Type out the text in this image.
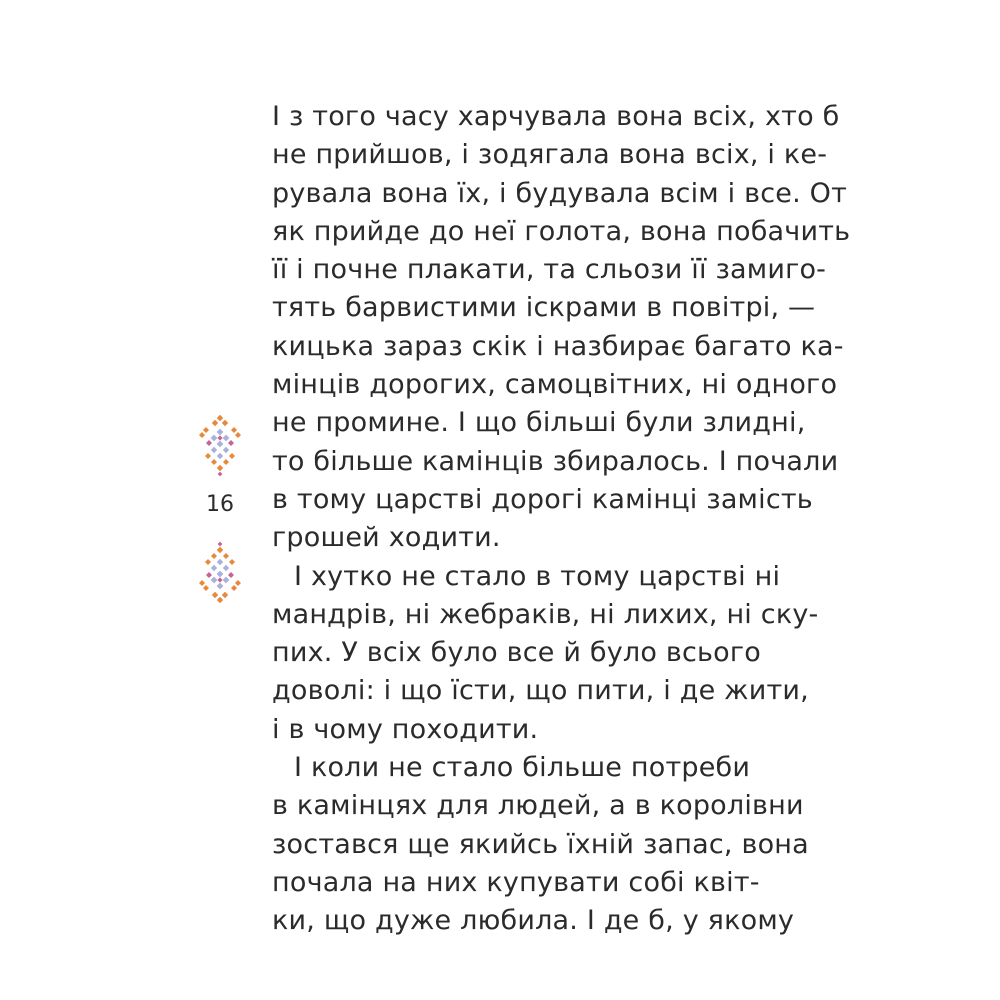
16
І з того часу харчувала вона всіх, хто б
не прийшов, і зодягала вона всіх, і ке-
рувала вона їх, і будувала всім і все. От
як прийде до неї голота, вона побачить
її і почне плакати, та сльози її замиго-
тять барвистими іскрами в повітрі, —
кицька зараз скік і назбирає багато ка-
мінців дорогих, самоцвітних, ні одного
не промине. І що більші були злидні,
то більше камінців збиралось. І почали
в тому царстві дорогі камінці замість
грошей ходити.
І хутко не стало в тому царстві ні
мандрів, ні жебраків, ні лихих, ні ску-
пих. У всіх було все й було всього
доволі: і що їсти, що пити, і де жити,
і в чому походити.
І коли не стало більше потреби
в камінцях для людей, а в королівни
зостався ще якийсь їхній запас, вона
почала на них купувати собі квіт-
ки, що дуже любила. І де б, у якому
